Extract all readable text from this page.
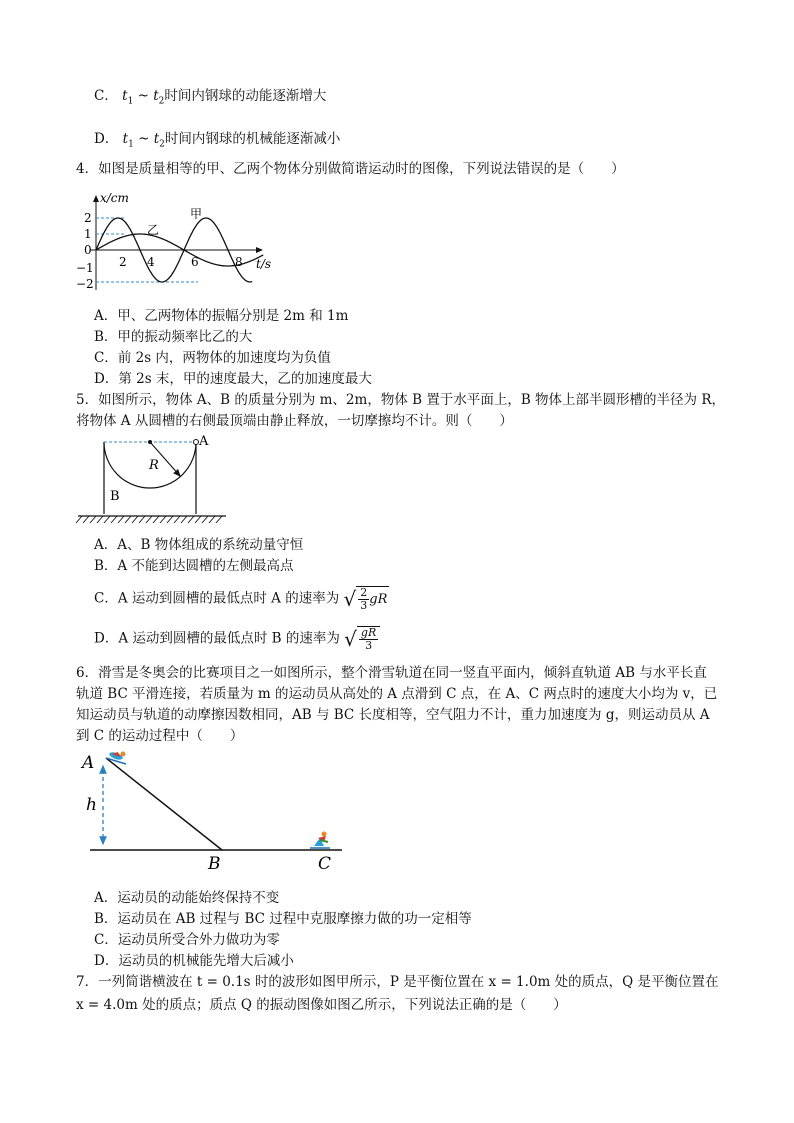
C． $t_1$ ~ $t_2$时间内钢球的动能逐渐增大
D． $t_1$ ~ $t_2$时间内钢球的机械能逐渐减小
4．如图是质量相等的甲、乙两个物体分别做简谐运动时的图像，下列说法错误的是（　　）
x/cm
t/s
2
1
0
−1
−2
2 4	6	8
甲
乙
A．甲、乙两物体的振幅分别是 2m 和 1m
B．甲的振动频率比乙的大
C．前 2s 内，两物体的加速度均为负值
D．第 2s 末，甲的速度最大，乙的加速度最大
5．如图所示，物体 A、B 的质量分别为 m、2m，物体 B 置于水平面上，B 物体上部半圆形槽的半径为 R，
将物体 A 从圆槽的右侧最顶端由静止释放，一切摩擦均不计。则（　　）
A
B
R
A．A、B 物体组成的系统动量守恒
B．A 不能到达圆槽的左侧最高点
C．A 运动到圆槽的最低点时 A 的速率为 √ $\frac{2}{3}$ gR
D．A 运动到圆槽的最低点时 B 的速率为 √ $\frac{gR}{3}$
6．滑雪是冬奥会的比赛项目之一如图所示，整个滑雪轨道在同一竖直平面内，倾斜直轨道 AB 与水平长直
轨道 BC 平滑连接，若质量为 m 的运动员从高处的 A 点滑到 C 点，在 A、C 两点时的速度大小均为 v，已
知运动员与轨道的动摩擦因数相同，AB 与 BC 长度相等，空气阻力不计，重力加速度为 g，则运动员从 A
到 C 的运动过程中（　　）
h
A
B	C
A．运动员的动能始终保持不变
B．运动员在 AB 过程与 BC 过程中克服摩擦力做的功一定相等
C．运动员所受合外力做功为零
D．运动员的机械能先增大后减小
7．一列简谐横波在 t = 0.1s 时的波形如图甲所示，P 是平衡位置在 x = 1.0m 处的质点，Q 是平衡位置在
x = 4.0m 处的质点；质点 Q 的振动图像如图乙所示，下列说法正确的是（　　）
